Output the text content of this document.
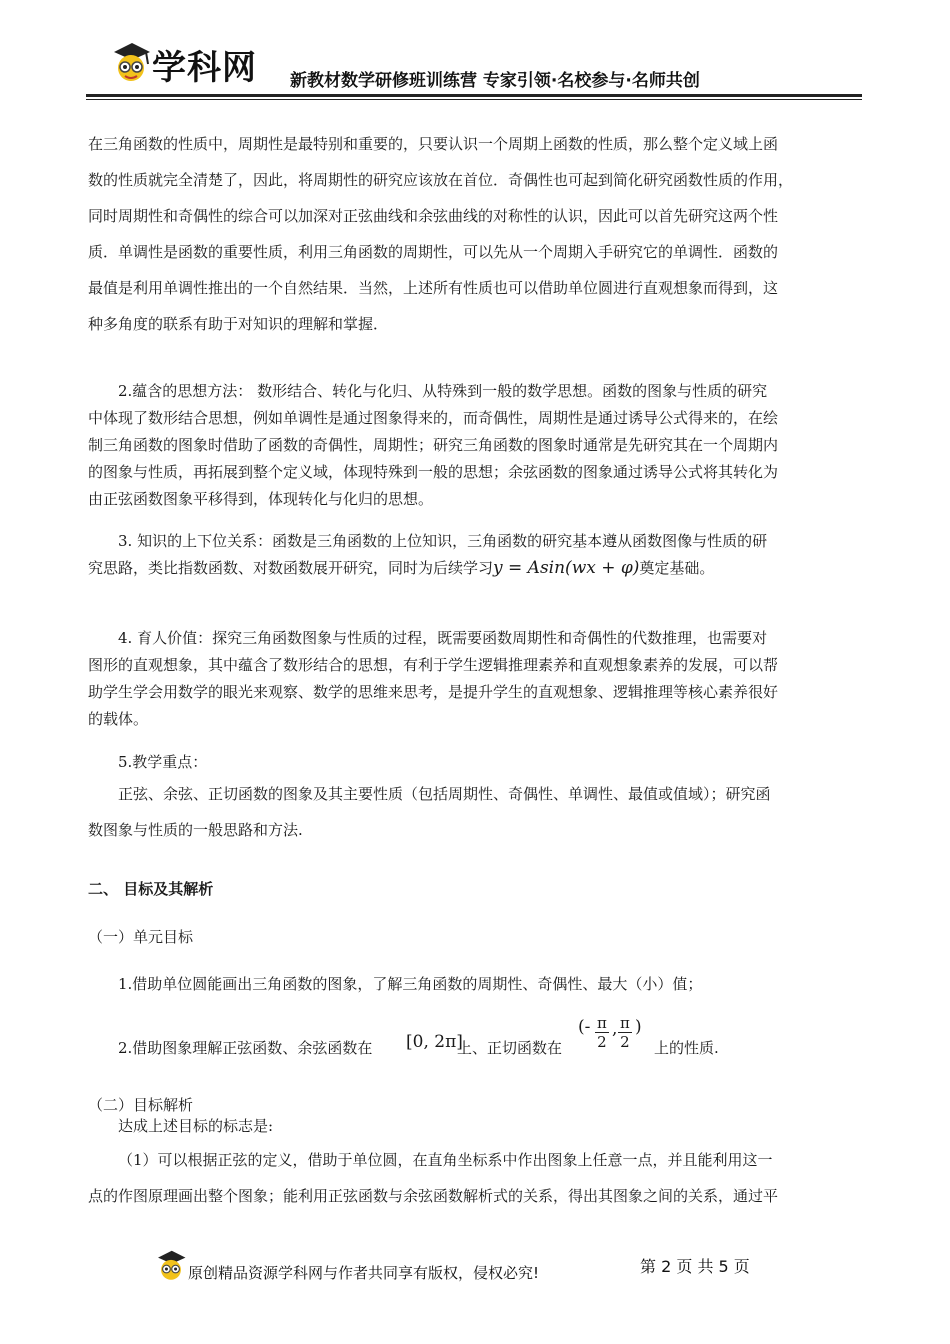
学科网 新教材数学研修班训练营 专家引领·名校参与·名师共创
在三角函数的性质中，周期性是最特别和重要的，只要认识一个周期上函数的性质，那么整个定义域上函
数的性质就完全清楚了，因此，将周期性的研究应该放在首位．奇偶性也可起到简化研究函数性质的作用，
同时周期性和奇偶性的综合可以加深对正弦曲线和余弦曲线的对称性的认识，因此可以首先研究这两个性
质．单调性是函数的重要性质，利用三角函数的周期性，可以先从一个周期入手研究它的单调性．函数的
最值是利用单调性推出的一个自然结果．当然，上述所有性质也可以借助单位圆进行直观想象而得到，这
种多角度的联系有助于对知识的理解和掌握．
2.蕴含的思想方法： 数形结合、转化与化归、从特殊到一般的数学思想。函数的图象与性质的研究
中体现了数形结合思想，例如单调性是通过图象得来的，而奇偶性，周期性是通过诱导公式得来的，在绘
制三角函数的图象时借助了函数的奇偶性，周期性；研究三角函数的图象时通常是先研究其在一个周期内
的图象与性质，再拓展到整个定义域，体现特殊到一般的思想；余弦函数的图象通过诱导公式将其转化为
由正弦函数图象平移得到，体现转化与化归的思想。
3. 知识的上下位关系：函数是三角函数的上位知识，三角函数的研究基本遵从函数图像与性质的研
究思路，类比指数函数、对数函数展开研究，同时为后续学习y = Asin(wx + φ)奠定基础。
4. 育人价值：探究三角函数图象与性质的过程，既需要函数周期性和奇偶性的代数推理，也需要对
图形的直观想象，其中蕴含了数形结合的思想，有利于学生逻辑推理素养和直观想象素养的发展，可以帮
助学生学会用数学的眼光来观察、数学的思维来思考，是提升学生的直观想象、逻辑推理等核心素养很好
的载体。
5.教学重点：
正弦、余弦、正切函数的图象及其主要性质（包括周期性、奇偶性、单调性、最值或值域）；研究函
数图象与性质的一般思路和方法.
二、 目标及其解析
（一）单元目标
1.借助单位圆能画出三角函数的图象，了解三角函数的周期性、奇偶性、最大（小）值；
2.借助图象理解正弦函数、余弦函数在 [0, 2π]
上、正切函数在
(- $\frac{\pi}{2}$ , $\frac{\pi}{2}$ )
上的性质.
（二）目标解析
达成上述目标的标志是:
（1）可以根据正弦的定义，借助于单位圆，在直角坐标系中作出图象上任意一点，并且能利用这一
点的作图原理画出整个图象；能利用正弦函数与余弦函数解析式的关系，得出其图象之间的关系，通过平
原创精品资源学科网与作者共同享有版权，侵权必究!	第 2 页 共 5 页
